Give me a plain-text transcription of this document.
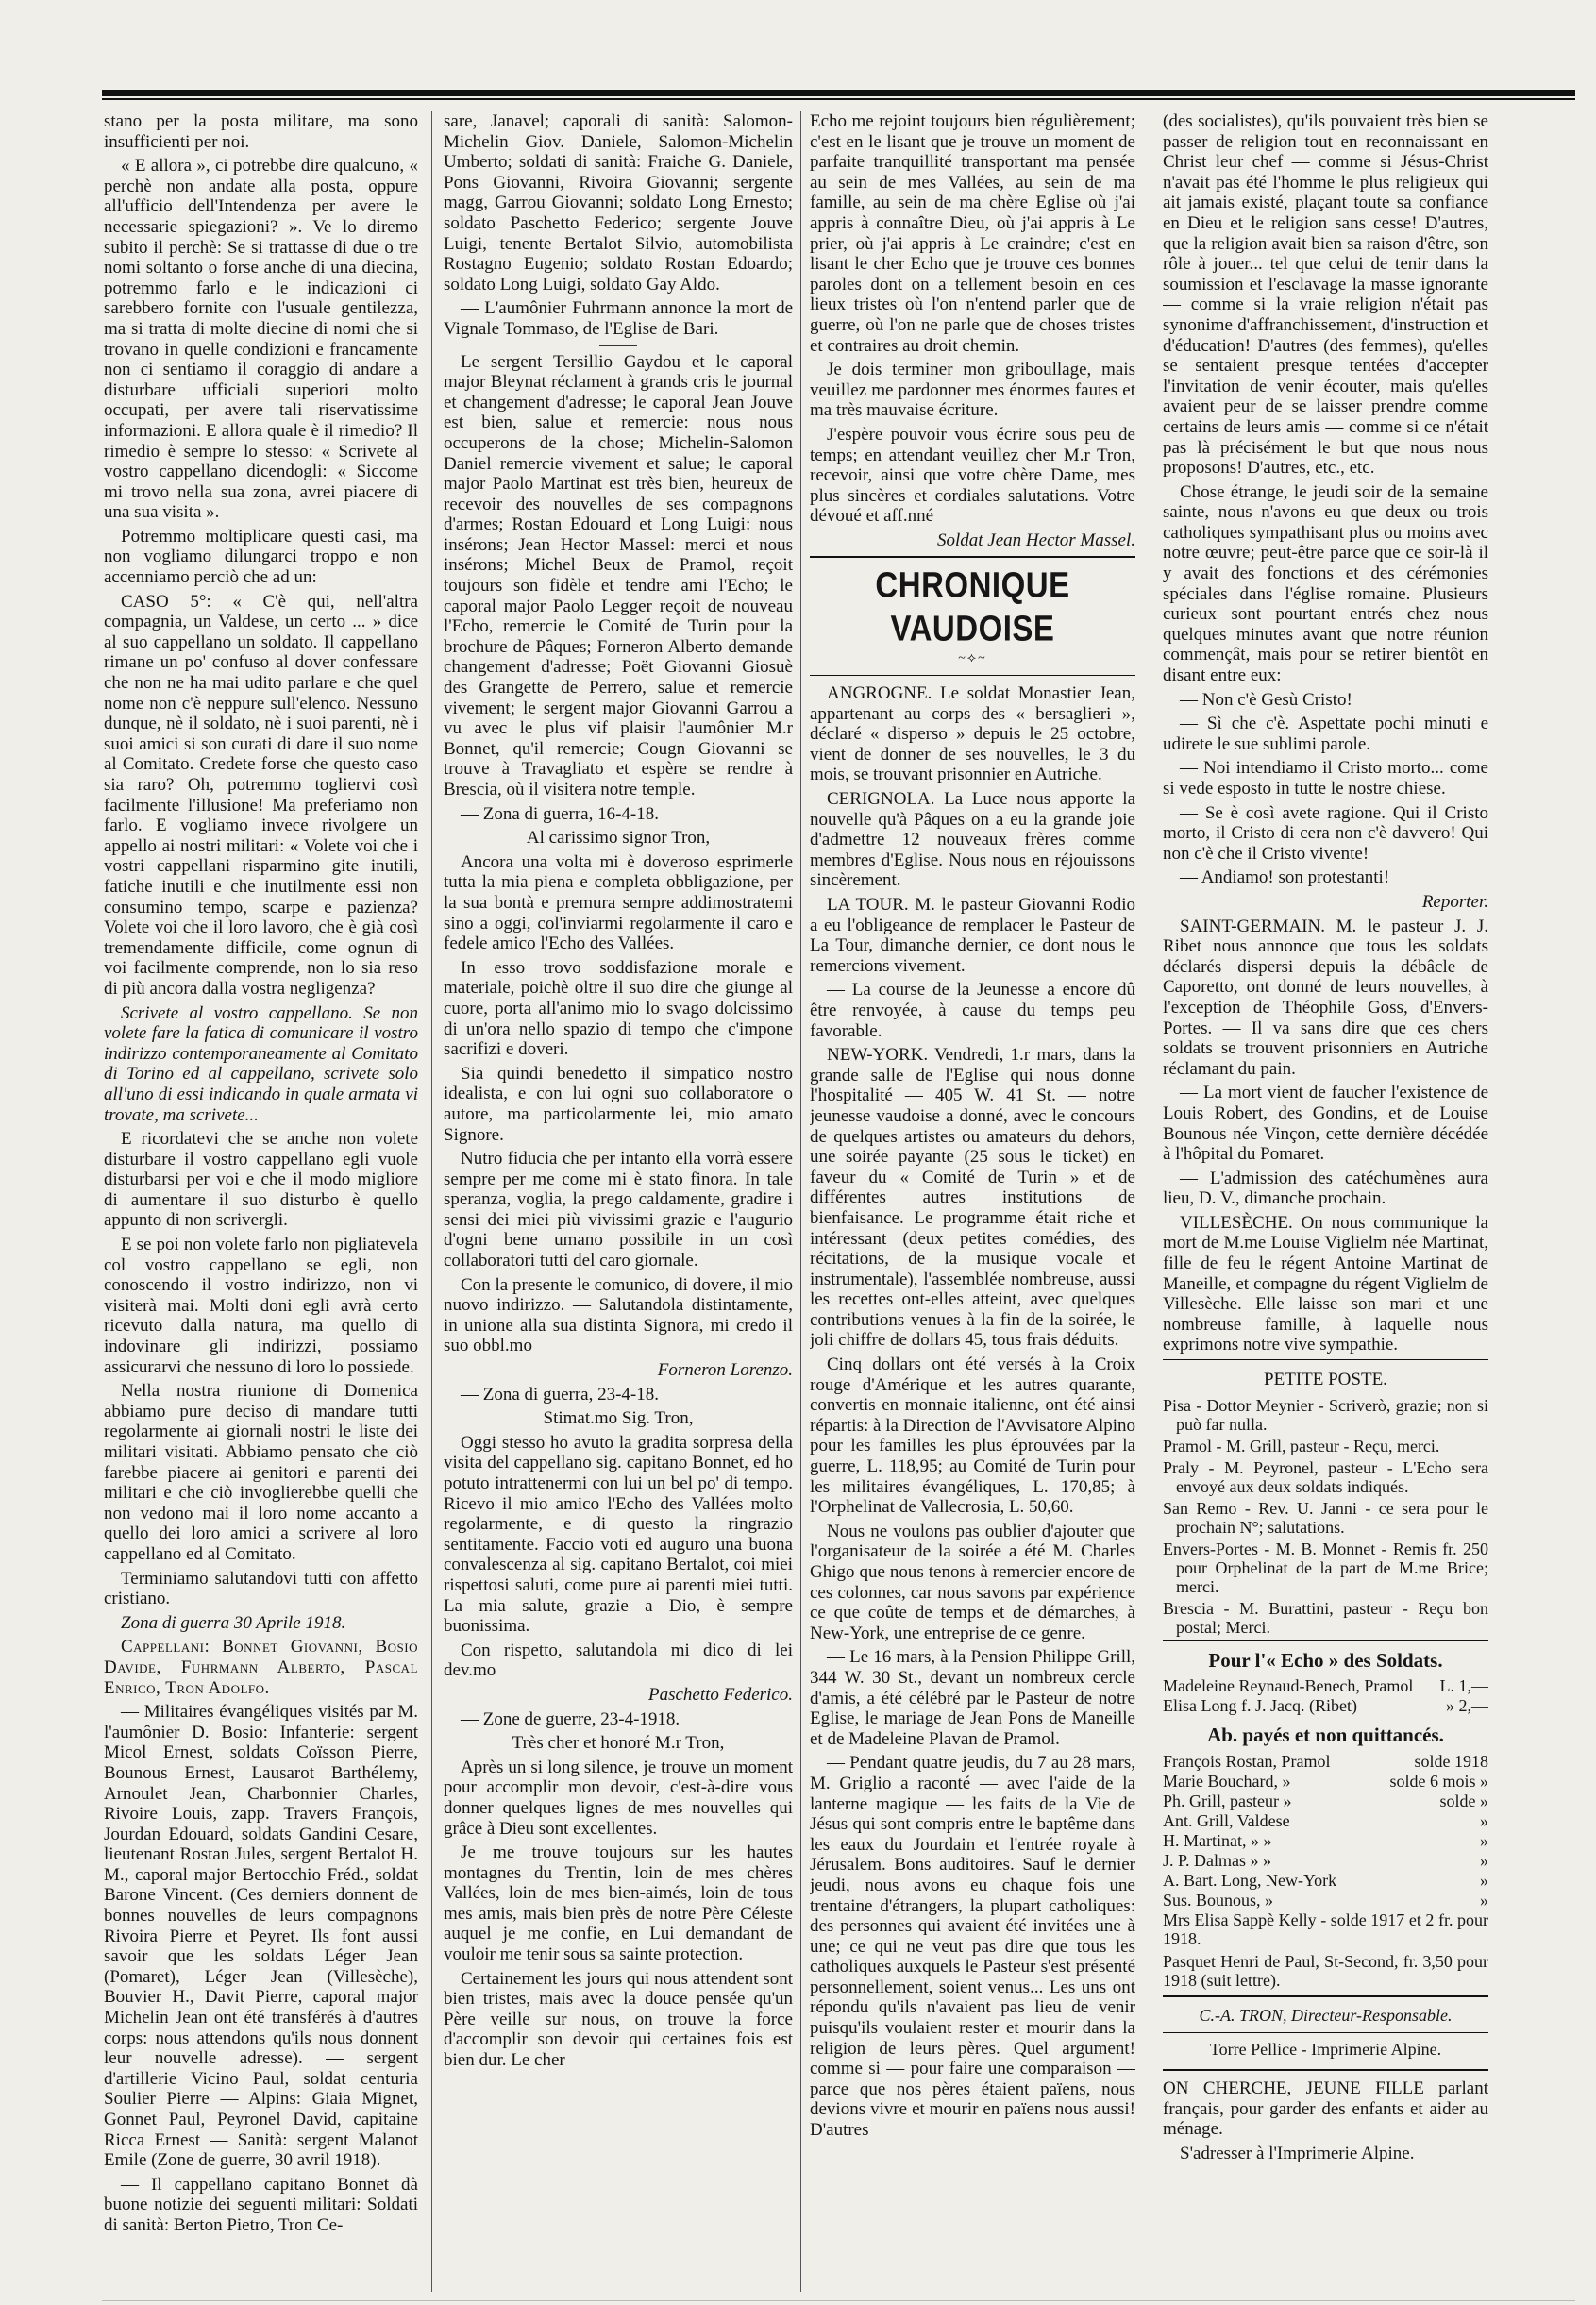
stano per la posta militare, ma sono insufficienti per noi.

« E allora », ci potrebbe dire qualcuno, « perchè non andate alla posta, oppure all'ufficio dell'Intendenza per avere le necessarie spiegazioni? ». Ve lo diremo subito il perchè: Se si trattasse di due o tre nomi soltanto o forse anche di una diecina, potremmo farlo e le indicazioni ci sarebbero fornite con l'usuale gentilezza, ma si tratta di molte diecine di nomi che si trovano in quelle condizioni e francamente non ci sentiamo il coraggio di andare a disturbare ufficiali superiori molto occupati, per avere tali riservatissime informazioni. E allora quale è il rimedio? Il rimedio è sempre lo stesso: « Scrivete al vostro cappellano dicendogli: « Siccome mi trovo nella sua zona, avrei piacere di una sua visita ».

Potremmo moltiplicare questi casi, ma non vogliamo dilungarci troppo e non accenniamo perciò che ad un:

CASO 5°: « C'è qui, nell'altra compagnia, un Valdese, un certo ... » dice al suo cappellano un soldato. Il cappellano rimane un po' confuso al dover confessare che non ne ha mai udito parlare e che quel nome non c'è neppure sull'elenco. Nessuno dunque, nè il soldato, nè i suoi parenti, nè i suoi amici si son curati di dare il suo nome al Comitato. Credete forse che questo caso sia raro? Oh, potremmo togliervi così facilmente l'illusione! Ma preferiamo non farlo. E vogliamo invece rivolgere un appello ai nostri militari: « Volete voi che i vostri cappellani risparmino gite inutili, fatiche inutili e che inutilmente essi non consumino tempo, scarpe e pazienza? Volete voi che il loro lavoro, che è già così tremendamente difficile, come ognun di voi facilmente comprende, non lo sia reso di più ancora dalla vostra negligenza?

Scrivete al vostro cappellano. Se non volete fare la fatica di comunicare il vostro indirizzo contemporaneamente al Comitato di Torino ed al cappellano, scrivete solo all'uno di essi indicando in quale armata vi trovate, ma scrivete...

E ricordatevi che se anche non volete disturbare il vostro cappellano egli vuole disturbarsi per voi e che il modo migliore di aumentare il suo disturbo è quello appunto di non scrivergli.

E se poi non volete farlo non pigliatevela col vostro cappellano se egli, non conoscendo il vostro indirizzo, non vi visiterà mai. Molti doni egli avrà certo ricevuto dalla natura, ma quello di indovinare gli indirizzi, possiamo assicurarvi che nessuno di loro lo possiede.

Nella nostra riunione di Domenica abbiamo pure deciso di mandare tutti regolarmente ai giornali nostri le liste dei militari visitati. Abbiamo pensato che ciò farebbe piacere ai genitori e parenti dei militari e che ciò invoglierebbe quelli che non vedono mai il loro nome accanto a quello dei loro amici a scrivere al loro cappellano ed al Comitato.

Terminiamo salutandovi tutti con affetto cristiano.

Zona di guerra 30 Aprile 1918.

Cappellani: Bonnet Giovanni, Bosio Davide, Fuhrmann Alberto, Pascal Enrico, Tron Adolfo.

— Militaires évangéliques visités par M. l'aumônier D. Bosio: Infanterie: sergent Micol Ernest, soldats Coïsson Pierre, Bounous Ernest, Lausarot Barthélemy, Arnoulet Jean, Charbonnier Charles, Rivoire Louis, zapp. Travers François, Jourdan Edouard, soldats Gandini Cesare, lieutenant Rostan Jules, sergent Bertalot H. M., caporal major Bertocchio Fréd., soldat Barone Vincent. (Ces derniers donnent de bonnes nouvelles de leurs compagnons Rivoira Pierre et Peyret. Ils font aussi savoir que les soldats Léger Jean (Pomaret), Léger Jean (Villesèche), Bouvier H., Davit Pierre, caporal major Michelin Jean ont été transférés à d'autres corps: nous attendons qu'ils nous donnent leur nouvelle adresse). — sergent d'artillerie Vicino Paul, soldat centuria Soulier Pierre — Alpins: Giaia Mignet, Gonnet Paul, Peyronel David, capitaine Ricca Ernest — Sanità: sergent Malanot Emile (Zone de guerre, 30 avril 1918).

— Il cappellano capitano Bonnet dà buone notizie dei seguenti militari: Soldati di sanità: Berton Pietro, Tron Ce-

sare, Janavel; caporali di sanità: Salomon-Michelin Giov. Daniele, Salomon-Michelin Umberto; soldati di sanità: Fraiche G. Daniele, Pons Giovanni, Rivoira Giovanni; sergente magg, Garrou Giovanni; soldato Long Ernesto; soldato Paschetto Federico; sergente Jouve Luigi, tenente Bertalot Silvio, automobilista Rostagno Eugenio; soldato Rostan Edoardo; soldato Long Luigi, soldato Gay Aldo.

— L'aumônier Fuhrmann annonce la mort de Vignale Tommaso, de l'Eglise de Bari.

Le sergent Tersillio Gaydou et le caporal major Bleynat réclament à grands cris le journal et changement d'adresse; le caporal Jean Jouve est bien, salue et remercie: nous nous occuperons de la chose; Michelin-Salomon Daniel remercie vivement et salue; le caporal major Paolo Martinat est très bien, heureux de recevoir des nouvelles de ses compagnons d'armes; Rostan Edouard et Long Luigi: nous insérons; Jean Hector Massel: merci et nous insérons; Michel Beux de Pramol, reçoit toujours son fidèle et tendre ami l'Echo; le caporal major Paolo Legger reçoit de nouveau l'Echo, remercie le Comité de Turin pour la brochure de Pâques; Forneron Alberto demande changement d'adresse; Poët Giovanni Giosuè des Grangette de Perrero, salue et remercie vivement; le sergent major Giovanni Garrou a vu avec le plus vif plaisir l'aumônier M.r Bonnet, qu'il remercie; Cougn Giovanni se trouve à Travagliato et espère se rendre à Brescia, où il visitera notre temple.

— Zona di guerra, 16-4-18.

Al carissimo signor Tron,

Ancora una volta mi è doveroso esprimerle tutta la mia piena e completa obbligazione, per la sua bontà e premura sempre addimostratemi sino a oggi, col'inviarmi regolarmente il caro e fedele amico l'Echo des Vallées.

In esso trovo soddisfazione morale e materiale, poichè oltre il suo dire che giunge al cuore, porta all'animo mio lo svago dolcissimo di un'ora nello spazio di tempo che c'impone sacrifizi e doveri.

Sia quindi benedetto il simpatico nostro idealista, e con lui ogni suo collaboratore o autore, ma particolarmente lei, mio amato Signore.

Nutro fiducia che per intanto ella vorrà essere sempre per me come mi è stato finora. In tale speranza, voglia, la prego caldamente, gradire i sensi dei miei più vivissimi grazie e l'augurio d'ogni bene umano possibile in un così collaboratori tutti del caro giornale.

Con la presente le comunico, di dovere, il mio nuovo indirizzo. — Salutandola distintamente, in unione alla sua distinta Signora, mi credo il suo obbl.mo

Forneron Lorenzo.

— Zona di guerra, 23-4-18.

Stimat.mo Sig. Tron,

Oggi stesso ho avuto la gradita sorpresa della visita del cappellano sig. capitano Bonnet, ed ho potuto intrattenermi con lui un bel po' di tempo. Ricevo il mio amico l'Echo des Vallées molto regolarmente, e di questo la ringrazio sentitamente. Faccio voti ed auguro una buona convalescenza al sig. capitano Bertalot, coi miei rispettosi saluti, come pure ai parenti miei tutti. La mia salute, grazie a Dio, è sempre buonissima.

Con rispetto, salutandola mi dico di lei dev.mo

Paschetto Federico.

— Zone de guerre, 23-4-1918.

Très cher et honoré M.r Tron,

Après un si long silence, je trouve un moment pour accomplir mon devoir, c'est-à-dire vous donner quelques lignes de mes nouvelles qui grâce à Dieu sont excellentes.

Je me trouve toujours sur les hautes montagnes du Trentin, loin de mes chères Vallées, loin de mes bien-aimés, loin de tous mes amis, mais bien près de notre Père Céleste auquel je me confie, en Lui demandant de vouloir me tenir sous sa sainte protection.

Certainement les jours qui nous attendent sont bien tristes, mais avec la douce pensée qu'un Père veille sur nous, on trouve la force d'accomplir son devoir qui certaines fois est bien dur. Le cher

Echo me rejoint toujours bien régulièrement; c'est en le lisant que je trouve un moment de parfaite tranquillité transportant ma pensée au sein de mes Vallées, au sein de ma famille, au sein de ma chère Eglise où j'ai appris à connaître Dieu, où j'ai appris à Le prier, où j'ai appris à Le craindre; c'est en lisant le cher Echo que je trouve ces bonnes paroles dont on a tellement besoin en ces lieux tristes où l'on n'entend parler que de guerre, où l'on ne parle que de choses tristes et contraires au droit chemin.

Je dois terminer mon griboullage, mais veuillez me pardonner mes énormes fautes et ma très mauvaise écriture.

J'espère pouvoir vous écrire sous peu de temps; en attendant veuillez cher M.r Tron, recevoir, ainsi que votre chère Dame, mes plus sincères et cordiales salutations. Votre dévoué et aff.nné

Soldat Jean Hector Massel.

CHRONIQUE VAUDOISE
~⟡~

ANGROGNE. Le soldat Monastier Jean, appartenant au corps des « bersaglieri », déclaré « disperso » depuis le 25 octobre, vient de donner de ses nouvelles, le 3 du mois, se trouvant prisonnier en Autriche.

CERIGNOLA. La Luce nous apporte la nouvelle qu'à Pâques on a eu la grande joie d'admettre 12 nouveaux frères comme membres d'Eglise. Nous nous en réjouissons sincèrement.

LA TOUR. M. le pasteur Giovanni Rodio a eu l'obligeance de remplacer le Pasteur de La Tour, dimanche dernier, ce dont nous le remercions vivement.

— La course de la Jeunesse a encore dû être renvoyée, à cause du temps peu favorable.

NEW-YORK. Vendredi, 1.r mars, dans la grande salle de l'Eglise qui nous donne l'hospitalité — 405 W. 41 St. — notre jeunesse vaudoise a donné, avec le concours de quelques artistes ou amateurs du dehors, une soirée payante (25 sous le ticket) en faveur du « Comité de Turin » et de différentes autres institutions de bienfaisance. Le programme était riche et intéressant (deux petites comédies, des récitations, de la musique vocale et instrumentale), l'assemblée nombreuse, aussi les recettes ont-elles atteint, avec quelques contributions venues à la fin de la soirée, le joli chiffre de dollars 45, tous frais déduits.

Cinq dollars ont été versés à la Croix rouge d'Amérique et les autres quarante, convertis en monnaie italienne, ont été ainsi répartis: à la Direction de l'Avvisatore Alpino pour les familles les plus éprouvées par la guerre, L. 118,95; au Comité de Turin pour les militaires évangéliques, L. 170,85; à l'Orphelinat de Vallecrosia, L. 50,60.

Nous ne voulons pas oublier d'ajouter que l'organisateur de la soirée a été M. Charles Ghigo que nous tenons à remercier encore de ces colonnes, car nous savons par expérience ce que coûte de temps et de démarches, à New-York, une entreprise de ce genre.

— Le 16 mars, à la Pension Philippe Grill, 344 W. 30 St., devant un nombreux cercle d'amis, a été célébré par le Pasteur de notre Eglise, le mariage de Jean Pons de Maneille et de Madeleine Plavan de Pramol.

— Pendant quatre jeudis, du 7 au 28 mars, M. Griglio a raconté — avec l'aide de la lanterne magique — les faits de la Vie de Jésus qui sont compris entre le baptême dans les eaux du Jourdain et l'entrée royale à Jérusalem. Bons auditoires. Sauf le dernier jeudi, nous avons eu chaque fois une trentaine d'étrangers, la plupart catholiques: des personnes qui avaient été invitées une à une; ce qui ne veut pas dire que tous les catholiques auxquels le Pasteur s'est présenté personnellement, soient venus... Les uns ont répondu qu'ils n'avaient pas lieu de venir puisqu'ils voulaient rester et mourir dans la religion de leurs pères. Quel argument! comme si — pour faire une comparaison — parce que nos pères étaient païens, nous devions vivre et mourir en païens nous aussi! D'autres

(des socialistes), qu'ils pouvaient très bien se passer de religion tout en reconnaissant en Christ leur chef — comme si Jésus-Christ n'avait pas été l'homme le plus religieux qui ait jamais existé, plaçant toute sa confiance en Dieu et le religion sans cesse! D'autres, que la religion avait bien sa raison d'être, son rôle à jouer... tel que celui de tenir dans la soumission et l'esclavage la masse ignorante — comme si la vraie religion n'était pas synonime d'affranchissement, d'instruction et d'éducation! D'autres (des femmes), qu'elles se sentaient presque tentées d'accepter l'invitation de venir écouter, mais qu'elles avaient peur de se laisser prendre comme certains de leurs amis — comme si ce n'était pas là précisément le but que nous nous proposons! D'autres, etc., etc.

Chose étrange, le jeudi soir de la semaine sainte, nous n'avons eu que deux ou trois catholiques sympathisant plus ou moins avec notre œuvre; peut-être parce que ce soir-là il y avait des fonctions et des cérémonies spéciales dans l'église romaine. Plusieurs curieux sont pourtant entrés chez nous quelques minutes avant que notre réunion commençât, mais pour se retirer bientôt en disant entre eux:

— Non c'è Gesù Cristo!

— Sì che c'è. Aspettate pochi minuti e udirete le sue sublimi parole.

— Noi intendiamo il Cristo morto... come si vede esposto in tutte le nostre chiese.

— Se è così avete ragione. Qui il Cristo morto, il Cristo di cera non c'è davvero! Qui non c'è che il Cristo vivente!

— Andiamo! son protestanti!

Reporter.

SAINT-GERMAIN. M. le pasteur J. J. Ribet nous annonce que tous les soldats déclarés dispersi depuis la débâcle de Caporetto, ont donné de leurs nouvelles, à l'exception de Théophile Goss, d'Envers-Portes. — Il va sans dire que ces chers soldats se trouvent prisonniers en Autriche réclamant du pain.

— La mort vient de faucher l'existence de Louis Robert, des Gondins, et de Louise Bounous née Vinçon, cette dernière décédée à l'hôpital du Pomaret.

— L'admission des catéchumènes aura lieu, D. V., dimanche prochain.

VILLESÈCHE. On nous communique la mort de M.me Louise Viglielm née Martinat, fille de feu le régent Antoine Martinat de Maneille, et compagne du régent Viglielm de Villesèche. Elle laisse son mari et une nombreuse famille, à laquelle nous exprimons notre vive sympathie.

PETITE POSTE.

Pisa - Dottor Meynier - Scriverò, grazie; non si può far nulla.

Pramol - M. Grill, pasteur - Reçu, merci.

Praly - M. Peyronel, pasteur - L'Echo sera envoyé aux deux soldats indiqués.

San Remo - Rev. U. Janni - ce sera pour le prochain N°; salutations.

Envers-Portes - M. B. Monnet - Remis fr. 250 pour Orphelinat de la part de M.me Brice; merci.

Brescia - M. Burattini, pasteur - Reçu bon postal; Merci.

Pour l'« Echo » des Soldats.
Madeleine Reynaud-Benech, Pramol L. 1,—
Elisa Long f. J. Jacq. (Ribet)	» 2,—
Ab. payés et non quittancés.
François Rostan, Pramol	solde 1918
Marie Bouchard, »	solde 6 mois »
Ph. Grill, pasteur »	solde »
Ant. Grill, Valdese	»
H. Martinat, » »	»
J. P. Dalmas » »	»
A. Bart. Long, New-York	»
Sus. Bounous, »	»

Mrs Elisa Sappè Kelly - solde 1917 et 2 fr. pour 1918.

Pasquet Henri de Paul, St-Second, fr. 3,50 pour 1918 (suit lettre).

C.-A. TRON, Directeur-Responsable.
Torre Pellice - Imprimerie Alpine.

ON CHERCHE, JEUNE FILLE parlant français, pour garder des enfants et aider au ménage.

S'adresser à l'Imprimerie Alpine.
